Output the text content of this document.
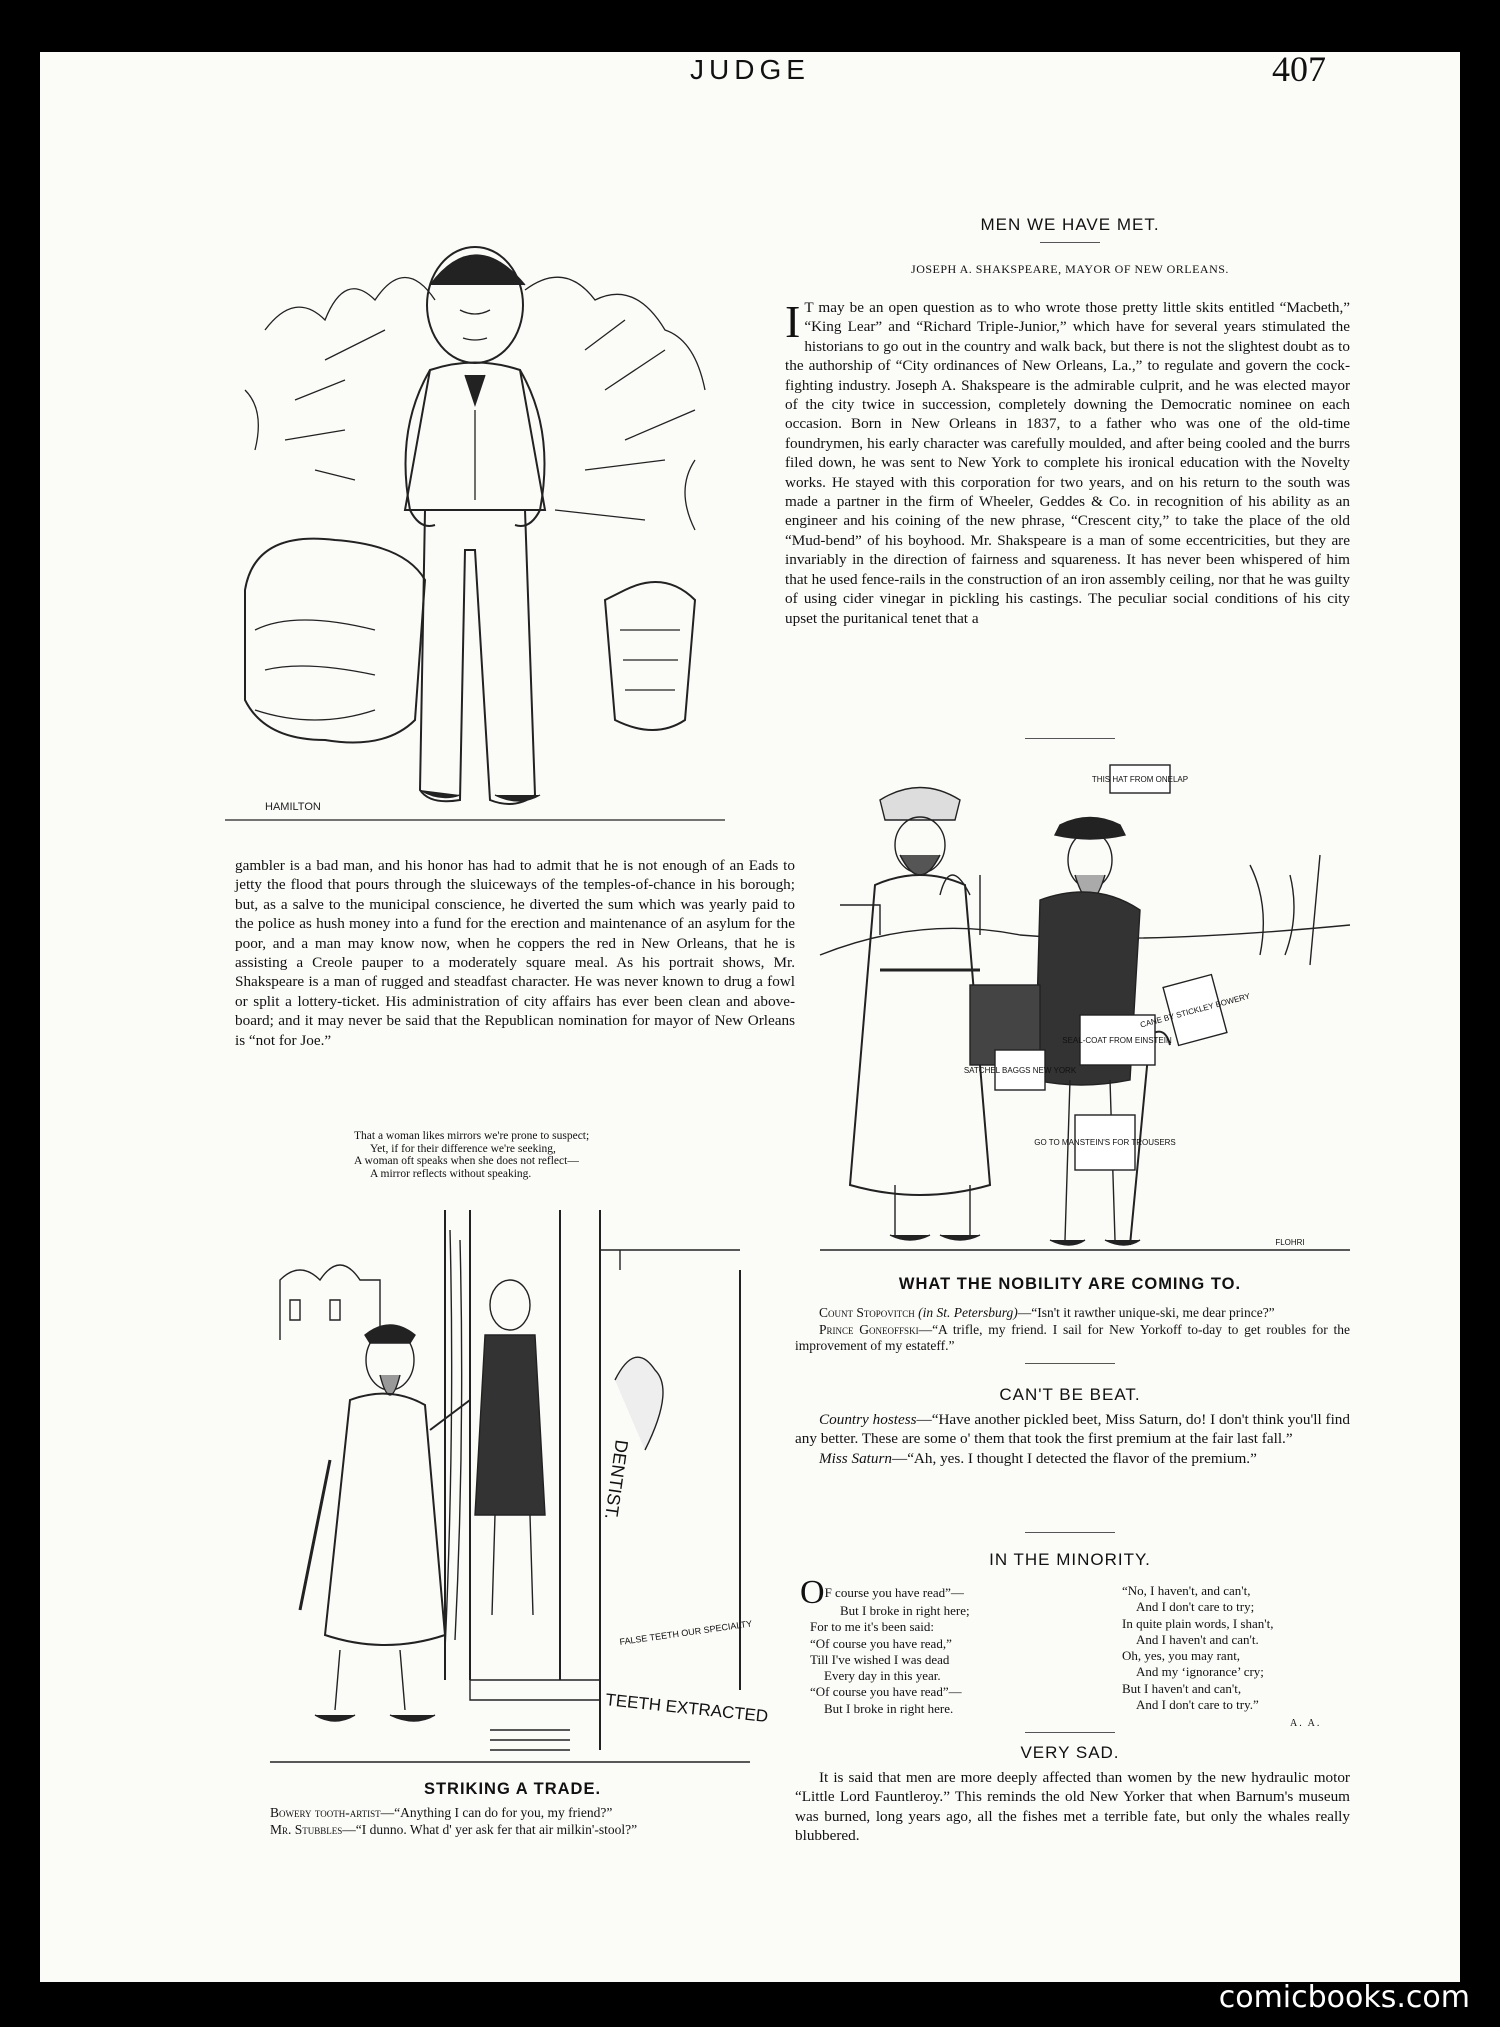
JUDGE	407
HAMILTON
MEN WE HAVE MET.
JOSEPH A. SHAKSPEARE, MAYOR OF NEW ORLEANS.

I T may be an open question as to who wrote those pretty little skits entitled “Macbeth,” “King Lear” and “Richard Triple-Junior,” which have for several years stimulated the historians to go out in the country and walk back, but there is not the slightest doubt as to the authorship of “City ordinances of New Orleans, La.,” to regulate and govern the cock-fighting industry. Joseph A. Shakspeare is the admirable culprit, and he was elected mayor of the city twice in succession, completely downing the Democratic nominee on each occasion. Born in New Orleans in 1837, to a father who was one of the old-time foundrymen, his early character was carefully moulded, and after being cooled and the burrs filed down, he was sent to New York to complete his ironical education with the Novelty works. He stayed with this corporation for two years, and on his return to the south was made a partner in the firm of Wheeler, Geddes & Co. in recognition of his ability as an engineer and his coining of the new phrase, “Crescent city,” to take the place of the old “Mud-bend” of his boyhood. Mr. Shakspeare is a man of some eccentricities, but they are invariably in the direction of fairness and squareness. It has never been whispered of him that he used fence-rails in the construction of an iron assembly ceiling, nor that he was guilty of using cider vinegar in pickling his castings. The peculiar social conditions of his city upset the puritanical tenet that a

gambler is a bad man, and his honor has had to admit that he is not enough of an Eads to jetty the flood that pours through the sluiceways of the temples-of-chance in his borough; but, as a salve to the municipal conscience, he diverted the sum which was yearly paid to the police as hush money into a fund for the erection and maintenance of an asylum for the poor, and a man may know now, when he coppers the red in New Orleans, that he is assisting a Creole pauper to a moderately square meal. As his portrait shows, Mr. Shakspeare is a man of rugged and steadfast character. He was never known to drug a fowl or split a lottery-ticket. His administration of city affairs has ever been clean and above-board; and it may never be said that the Republican nomination for mayor of New Orleans is “not for Joe.”

That a woman likes mirrors we're prone to suspect;
Yet, if for their difference we're seeking,
A woman oft speaks when she does not reflect—
A mirror reflects without speaking.
THIS HAT FROM ONELAP
CANE BY STICKLEY BOWERY
SEAL-COAT FROM EINSTEIN
SATCHEL BAGGS NEW YORK
GO TO MANSTEIN'S FOR TROUSERS
FLOHRI
WHAT THE NOBILITY ARE COMING TO.
Count Stopovitch (in St. Petersburg)—“Isn't it rawther unique-ski, me dear prince?”
Prince Goneoffski—“A trifle, my friend. I sail for New Yorkoff to-day to get roubles for the improvement of my estateff.”
CAN'T BE BEAT.

Country hostess—“Have another pickled beet, Miss Saturn, do! I don't think you'll find any better. These are some o' them that took the first premium at the fair last fall.”

Miss Saturn—“Ah, yes. I thought I detected the flavor of the premium.”

IN THE MINORITY.
OF course you have read”—
But I broke in right here;
For to me it's been said:
“Of course you have read,”
Till I've wished I was dead
Every day in this year.
“Of course you have read”—
But I broke in right here.
“No, I haven't, and can't,
And I don't care to try;
In quite plain words, I shan't,
And I haven't and can't.
Oh, yes, you may rant,
And my ‘ignorance’ cry;
But I haven't and can't,
And I don't care to try.”
A. A.
VERY SAD.

It is said that men are more deeply affected than women by the new hydraulic motor “Little Lord Fauntleroy.” This reminds the old New Yorker that when Barnum's museum was burned, long years ago, all the fishes met a terrible fate, but only the whales really blubbered.

DENTIST.
FALSE TEETH OUR SPECIALTY
TEETH EXTRACTED
STRIKING A TRADE.
Bowery tooth-artist—“Anything I can do for you, my friend?”
Mr. Stubbles—“I dunno. What d' yer ask fer that air milkin'-stool?”
comicbooks.com
